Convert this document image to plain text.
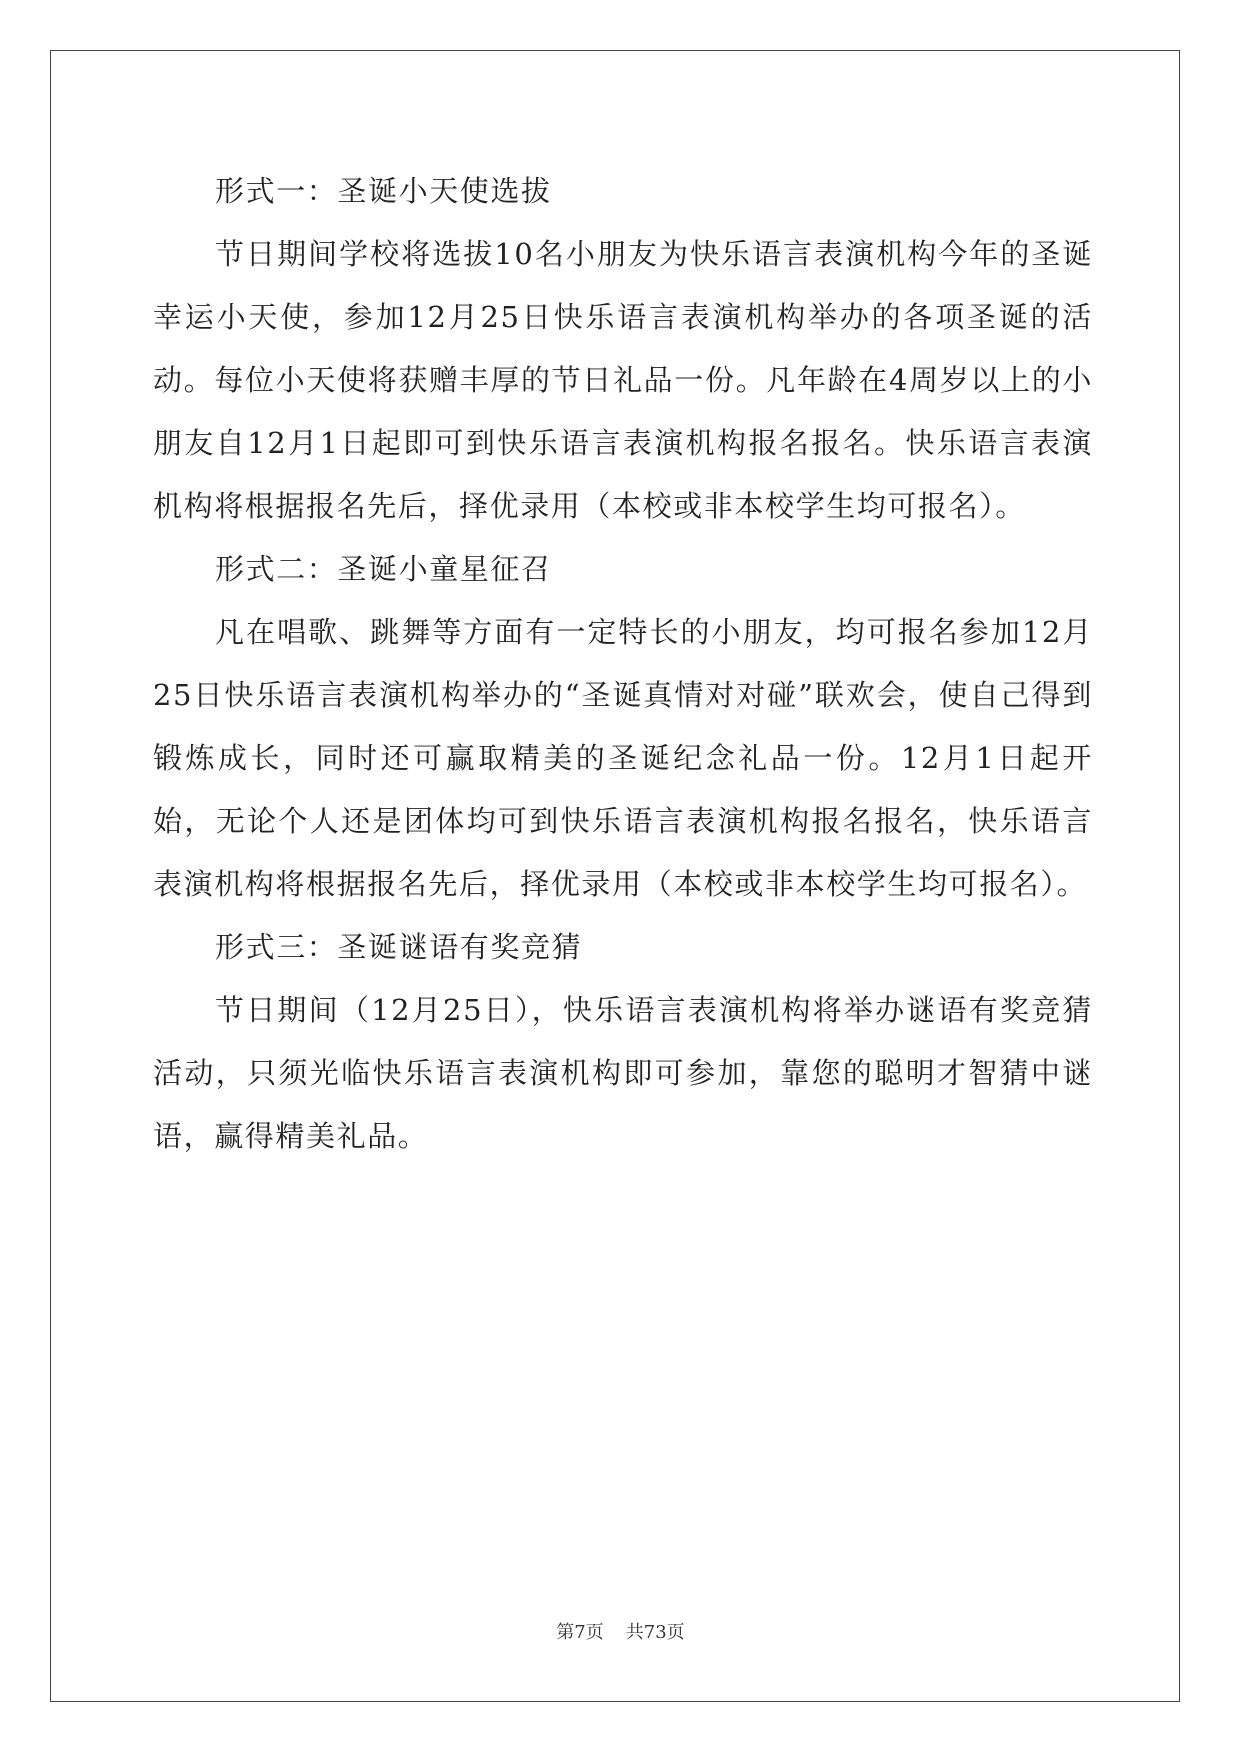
形式一：圣诞小天使选拔

节日期间学校将选拔10名小朋友为快乐语言表演机构今年的圣诞幸运小天使，参加12月25日快乐语言表演机构举办的各项圣诞的活动。每位小天使将获赠丰厚的节日礼品一份。凡年龄在4周岁以上的小朋友自12月1日起即可到快乐语言表演机构报名报名。快乐语言表演机构将根据报名先后，择优录用（本校或非本校学生均可报名）。

形式二：圣诞小童星征召

凡在唱歌、跳舞等方面有一定特长的小朋友，均可报名参加12月25日快乐语言表演机构举办的“圣诞真情对对碰”联欢会，使自己得到锻炼成长，同时还可赢取精美的圣诞纪念礼品一份。12月1日起开始，无论个人还是团体均可到快乐语言表演机构报名报名，快乐语言表演机构将根据报名先后，择优录用（本校或非本校学生均可报名）。

形式三：圣诞谜语有奖竞猜

节日期间（12月25日），快乐语言表演机构将举办谜语有奖竞猜活动，只须光临快乐语言表演机构即可参加，靠您的聪明才智猜中谜语，赢得精美礼品。

第7页 共73页
